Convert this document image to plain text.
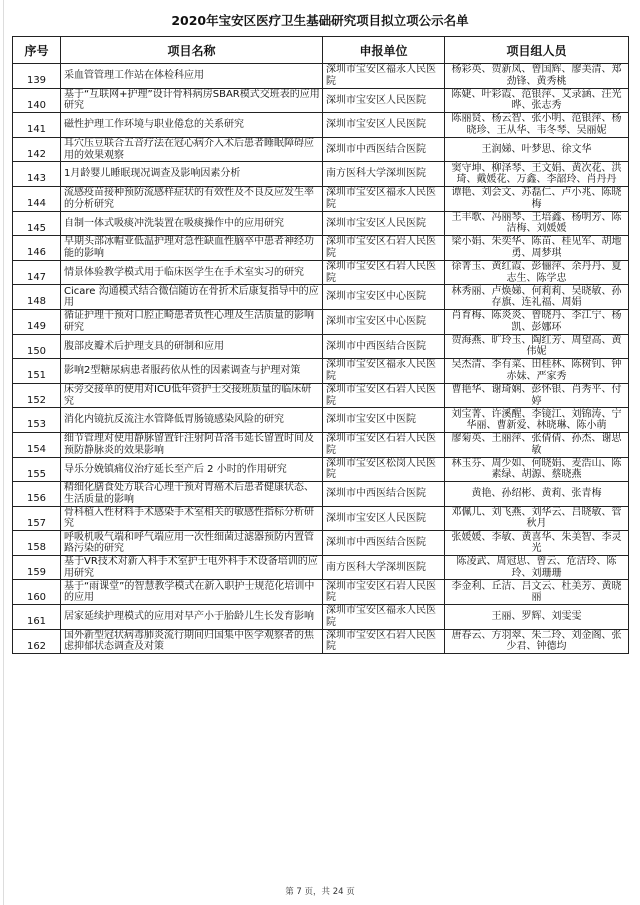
2020年宝安区医疗卫生基础研究项目拟立项公示名单
序号	项目名称	申报单位	项目组人员
139	采血管管理工作站在体检科应用	深圳市宝安区福永人民医院	杨彩英、贺新凤、曾国辉、廖美清、郑劲锋、黄秀桃
140	基于“互联网+护理”设计骨科病房SBAR模式交班表的应用研究	深圳市宝安区人民医院	陈婕、叶彩霞、范银萍、艾录涵、汪光晔、张志秀
141	磁性护理工作环境与职业倦怠的关系研究	深圳市宝安区人民医院	陈丽贤、杨云智、张小明、范银萍、杨晓珍、王从华、韦冬琴、吴丽妮
142	耳穴压豆联合五音疗法在冠心病介入术后患者睡眠障碍应用的效果观察	深圳市中西医结合医院	王润娣、叶梦思、徐文华
143	1月龄婴儿睡眠现况调查及影响因素分析	南方医科大学深圳医院	窦守坤、柳泽琴、王文娟、黄次花、洪琦、戴媛花、万鑫、李韶玲、肖丹丹
144	流感疫苗接种预防流感样症状的有效性及不良反应发生率的分析研究	深圳市宝安区福永人民医院	谭艳、刘会文、苏磊仁、卢小兆、陈晓梅
145	自制一体式吸痰冲洗装置在吸痰操作中的应用研究	深圳市宝安区人民医院	王丰歌、冯丽琴、王培鑫、杨明芳、陈洁梅、刘媛媛
146	早期头部冰帽亚低温护理对急性缺血性脑卒中患者神经功能的影响	深圳市宝安区石岩人民医院	梁小娟、朱奕华、陈苗、桂见军、胡地勇、周梦琪
147	情景体验教学模式用于临床医学生在手术室实习的研究	深圳市宝安区石岩人民医院	徐菁玉、黄红霞、彭俪萍、余丹丹、夏志生、陈学忠
148	Cicare 沟通模式结合微信随访在骨折术后康复指导中的应用	深圳市宝安区中心医院	林秀丽、卢焕娣、何莉莉、吴晓敏、孙存旗、连礼福、周娟
149	循证护理干预对口腔正畸患者负性心理及生活质量的影响研究	深圳市宝安区中心医院	肖育梅、陈炎炎、曾晓丹、李江宁、杨凯、彭娜环
150	腹部皮瓣术后护理支具的研制和应用	深圳市中西医结合医院	贺海燕、旷玲玉、陶红芳、周望高、黄伟妮
151	影响2型糖尿病患者服药依从性的因素调查与护理对策	深圳市宝安区福永人民医院	吴杰清、李有菜、田桂林、陈树钊、钟赤妹、严家秀
152	床旁交接单的使用对ICU低年资护士交接班质量的临床研究	深圳市宝安区石岩人民医院	曹艳华、谢琦娴、彭怀银、肖秀平、付婷
153	消化内镜抗反流注水管降低胃肠镜感染风险的研究	深圳市宝安区中医院	刘宝菁、许溪醒、李镜江、刘锦涛、宁华丽、曹新爱、林晓琳、陈小萌
154	细节管理对使用静脉留置针注射阿昔洛韦延长留置时间及预防静脉炎的效果影响	深圳市宝安区石岩人民医院	廖菊英、王丽萍、张倩倩、孙杰、谢思敏
155	导乐分娩镇痛仪治疗延长至产后 2 小时的作用研究	深圳市宝安区松岗人民医院	林玉芬、周少如、何晓娟、麦浩山、陈素绿、胡源、蔡晓燕
156	精细化膳食处方联合心理干预对胃癌术后患者健康状态、生活质量的影响	深圳市中西医结合医院	黄艳、孙绍彬、黄莉、张青梅
157	骨科植入性材料手术感染手术室相关的敏感性指标分析研究	深圳市宝安区人民医院	邓佩儿、刘飞燕、刘华云、吕晓敏、管秋月
158	呼吸机吸气端和呼气端应用一次性细菌过滤器预防内置管路污染的研究	深圳市中西医结合医院	张媛媛、李敏、黄喜华、朱美智、李灵光
159	基于VR技术对新入科手术室护士电外科手术设备培训的应用研究	南方医科大学深圳医院	陈凌武、周冠思、曾云、危洁玲、陈玲、刘珊珊
160	基于“雨课堂”的智慧教学模式在新入职护士规范化培训中的应用	深圳市宝安区石岩人民医院	李金利、丘洁、吕文云、杜美芳、黄晓丽
161	居家延续护理模式的应用对早产小于胎龄儿生长发育影响	深圳市宝安区福永人民医院	王丽、罗辉、刘雯雯
162	国外新型冠状病毒肺炎流行期间归国集中医学观察者的焦虑抑郁状态调查及对策	深圳市宝安区石岩人民医院	唐春云、方羽翠、朱二玲、刘金阁、张少君、钟德均
第 7 页，共 24 页
